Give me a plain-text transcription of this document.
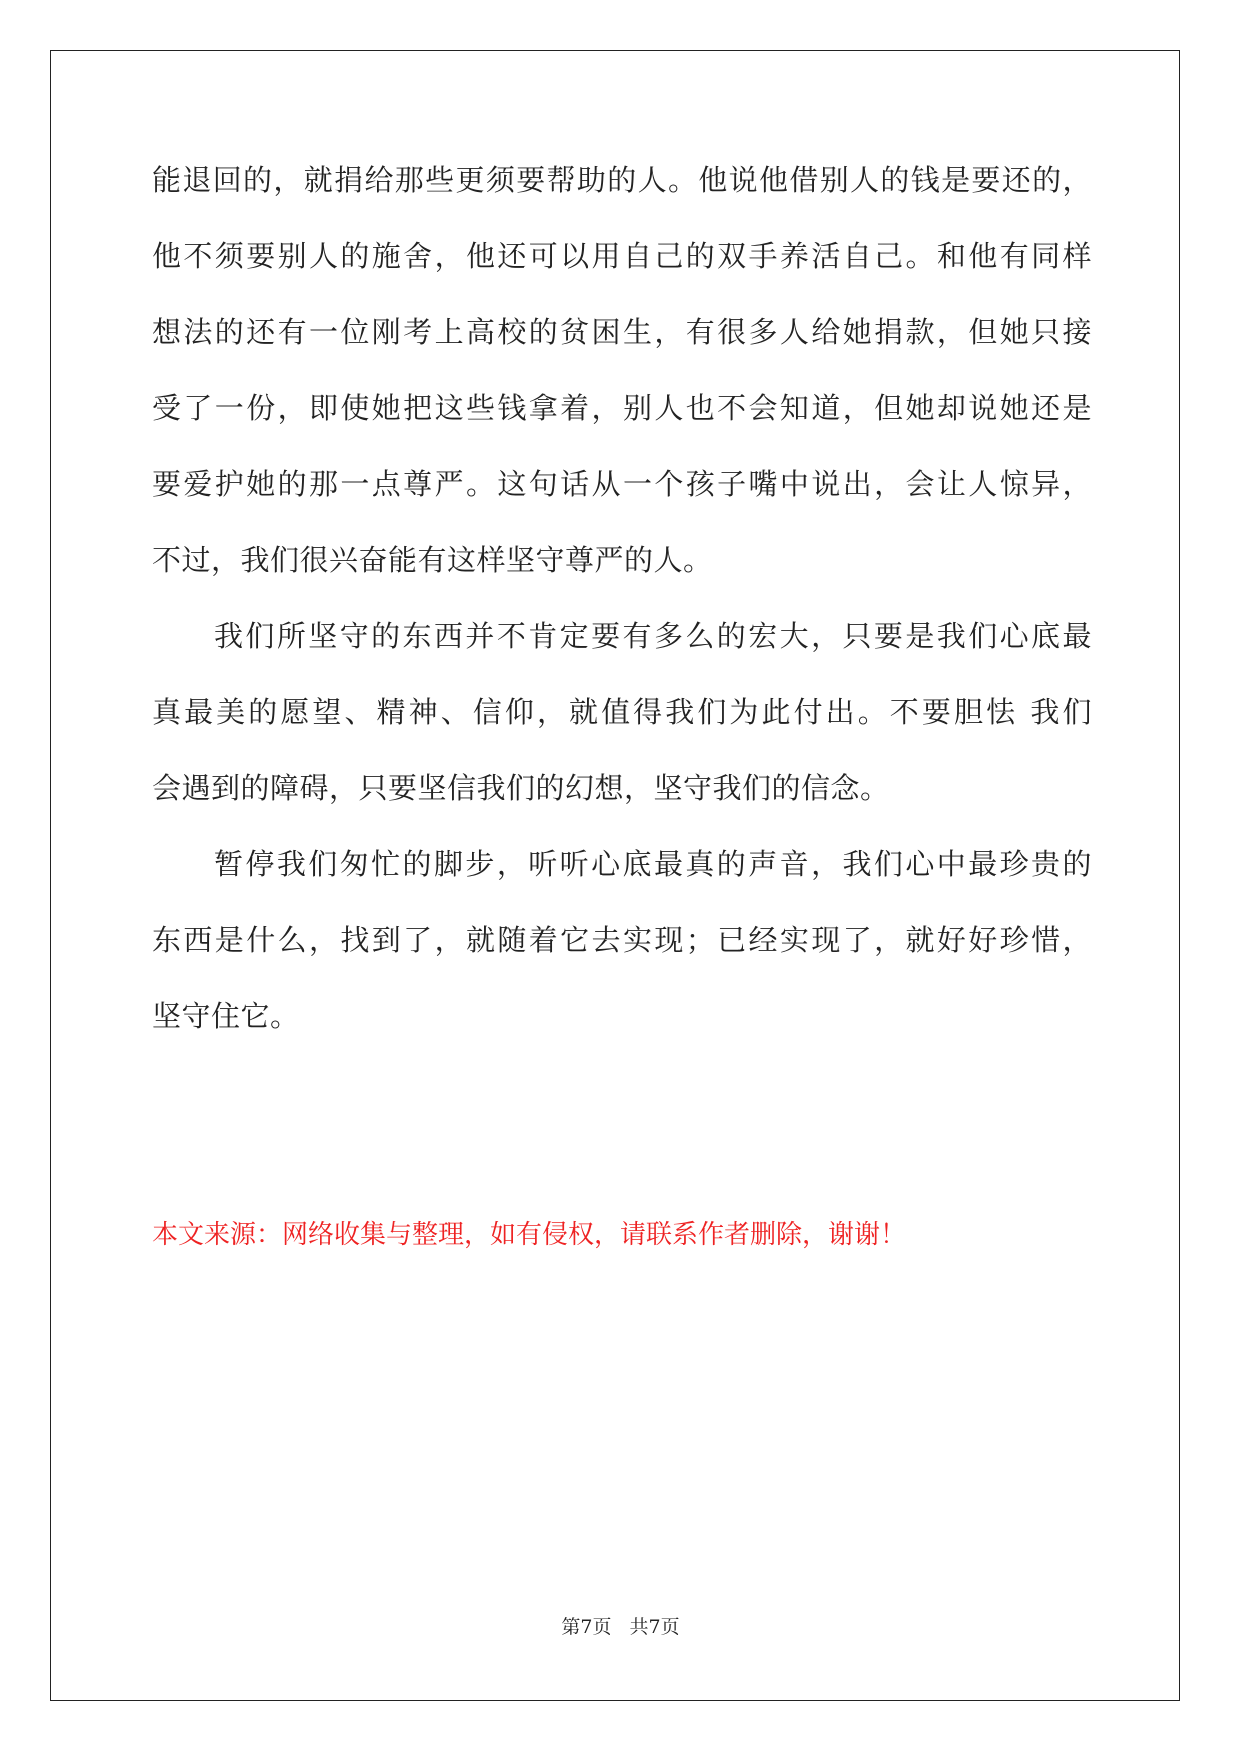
能退回的，就捐给那些更须要帮助的人。他说他借别人的钱是要还的，
他不须要别人的施舍，他还可以用自己的双手养活自己。和他有同样
想法的还有一位刚考上高校的贫困生，有很多人给她捐款，但她只接
受了一份，即使她把这些钱拿着，别人也不会知道，但她却说她还是
要爱护她的那一点尊严。这句话从一个孩子嘴中说出，会让人惊异，
不过，我们很兴奋能有这样坚守尊严的人。
我们所坚守的东西并不肯定要有多么的宏大，只要是我们心底最
真最美的愿望、精神、信仰，就值得我们为此付出。不要胆怯 我们
会遇到的障碍，只要坚信我们的幻想，坚守我们的信念。
暂停我们匆忙的脚步，听听心底最真的声音，我们心中最珍贵的
东西是什么，找到了，就随着它去实现；已经实现了，就好好珍惜，
坚守住它。
本文来源：网络收集与整理，如有侵权，请联系作者删除，谢谢！
第7页 共7页
